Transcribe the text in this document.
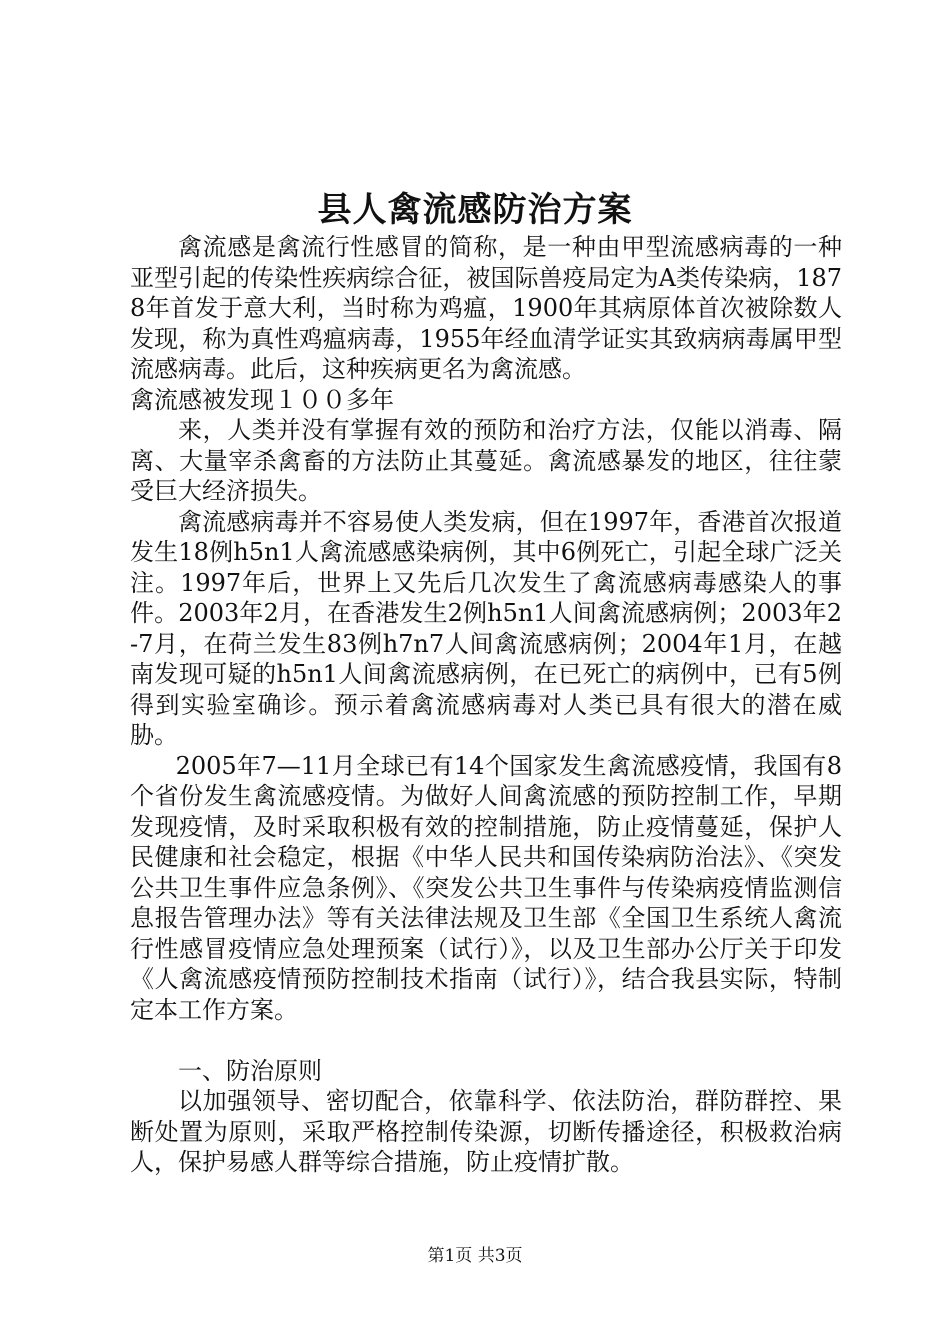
县人禽流感防治方案

禽流感是禽流行性感冒的简称，是一种由甲型流感病毒的一种亚型引起的传染性疾病综合征，被国际兽疫局定为A类传染病，1878年首发于意大利，当时称为鸡瘟，1900年其病原体首次被除数人发现，称为真性鸡瘟病毒，1955年经血清学证实其致病病毒属甲型流感病毒。此后，这种疾病更名为禽流感。

禽流感被发现１００多年

来，人类并没有掌握有效的预防和治疗方法，仅能以消毒、隔离、大量宰杀禽畜的方法防止其蔓延。禽流感暴发的地区，往往蒙受巨大经济损失。

禽流感病毒并不容易使人类发病，但在1997年，香港首次报道发生18例h5n1人禽流感感染病例，其中6例死亡，引起全球广泛关注。1997年后，世界上又先后几次发生了禽流感病毒感染人的事件。2003年2月，在香港发生2例h5n1人间禽流感病例；2003年2-7月，在荷兰发生83例h7n7人间禽流感病例；2004年1月，在越南发现可疑的h5n1人间禽流感病例，在已死亡的病例中，已有5例得到实验室确诊。预示着禽流感病毒对人类已具有很大的潜在威胁。

2005年7—11月全球已有14个国家发生禽流感疫情，我国有8个省份发生禽流感疫情。为做好人间禽流感的预防控制工作，早期发现疫情，及时采取积极有效的控制措施，防止疫情蔓延，保护人民健康和社会稳定，根据《中华人民共和国传染病防治法》、《突发公共卫生事件应急条例》、《突发公共卫生事件与传染病疫情监测信息报告管理办法》等有关法律法规及卫生部《全国卫生系统人禽流行性感冒疫情应急处理预案（试行）》，以及卫生部办公厅关于印发《人禽流感疫情预防控制技术指南（试行）》，结合我县实际，特制定本工作方案。

一、防治原则

以加强领导、密切配合，依靠科学、依法防治，群防群控、果断处置为原则，采取严格控制传染源，切断传播途径，积极救治病人，保护易感人群等综合措施，防止疫情扩散。

第1页 共3页
